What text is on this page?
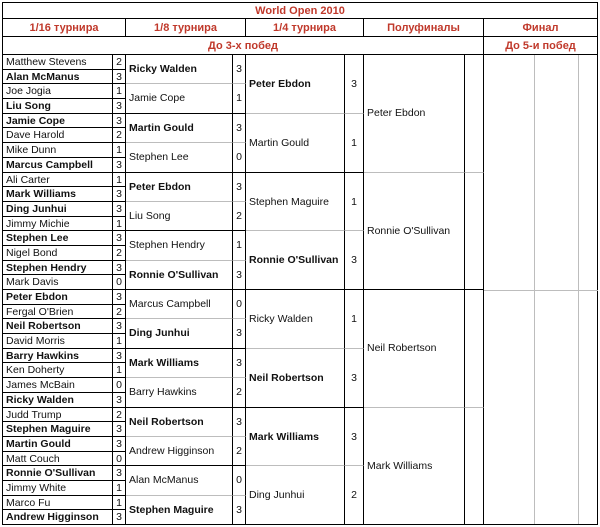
World Open 2010
1/16 турнира	1/8 турнира	1/4 турнира	Полуфиналы	Финал
До 3-х побед	До 5-и побед
Matthew Stevens	2
Alan McManus	3
Joe Jogia	1
Liu Song	3
Jamie Cope	3
Dave Harold	2
Mike Dunn	1
Marcus Campbell	3
Ali Carter	1
Mark Williams	3
Ding Junhui	3
Jimmy Michie	1
Stephen Lee	3
Nigel Bond	2
Stephen Hendry	3
Mark Davis	0
Peter Ebdon	3
Fergal O'Brien	2
Neil Robertson	3
David Morris	1
Barry Hawkins	3
Ken Doherty	1
James McBain	0
Ricky Walden	3
Judd Trump	2
Stephen Maguire	3
Martin Gould	3
Matt Couch	0
Ronnie O'Sullivan	3
Jimmy White	1
Marco Fu	1
Andrew Higginson	3
Ricky Walden	3
Jamie Cope	1
Martin Gould	3
Stephen Lee	0
Peter Ebdon	3
Liu Song	2
Stephen Hendry	1
Ronnie O'Sullivan	3
Marcus Campbell	0
Ding Junhui	3
Mark Williams	3
Barry Hawkins	2
Neil Robertson	3
Andrew Higginson	2
Alan McManus	0
Stephen Maguire	3
Peter Ebdon	3
Martin Gould	1
Stephen Maguire	1
Ronnie O'Sullivan	3
Ricky Walden	1
Neil Robertson	3
Mark Williams	3
Ding Junhui	2
Peter Ebdon
Ronnie O'Sullivan
Neil Robertson
Mark Williams
